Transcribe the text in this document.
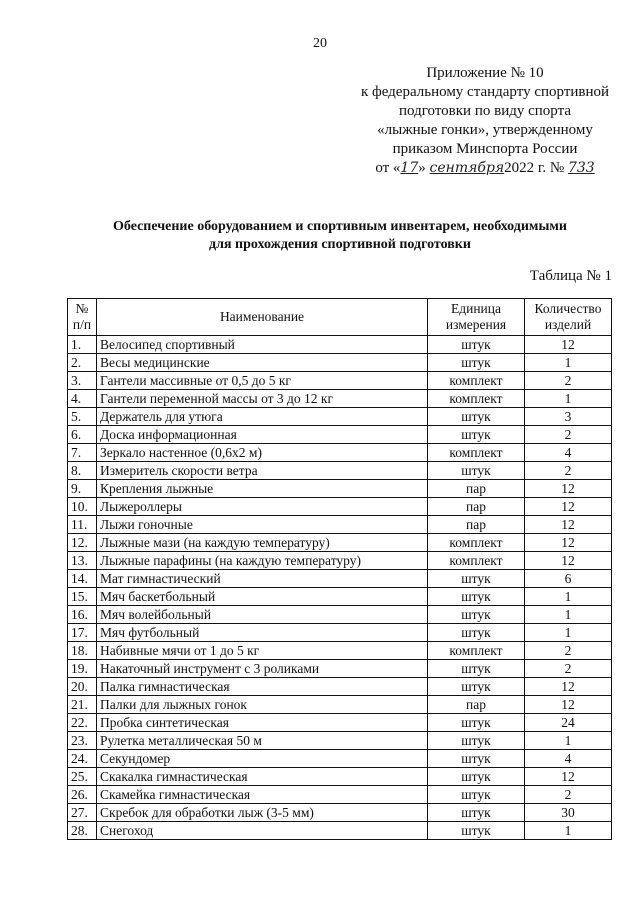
20
Приложение № 10
к федеральному стандарту спортивной
подготовки по виду спорта
«лыжные гонки», утвержденному
приказом Минспорта России
от «17» сентября2022 г. № 733
Обеспечение оборудованием и спортивным инвентарем, необходимыми
для прохождения спортивной подготовки
Таблица № 1
№ п/п	Наименование	Единица измерения	Количество изделий
1.	Велосипед спортивный	штук	12
2.	Весы медицинские	штук	1
3.	Гантели массивные от 0,5 до 5 кг	комплект	2
4.	Гантели переменной массы от 3 до 12 кг	комплект	1
5.	Держатель для утюга	штук	3
6.	Доска информационная	штук	2
7.	Зеркало настенное (0,6х2 м)	комплект	4
8.	Измеритель скорости ветра	штук	2
9.	Крепления лыжные	пар	12
10.	Лыжероллеры	пар	12
11.	Лыжи гоночные	пар	12
12.	Лыжные мази (на каждую температуру)	комплект	12
13.	Лыжные парафины (на каждую температуру)	комплект	12
14.	Мат гимнастический	штук	6
15.	Мяч баскетбольный	штук	1
16.	Мяч волейбольный	штук	1
17.	Мяч футбольный	штук	1
18.	Набивные мячи от 1 до 5 кг	комплект	2
19.	Накаточный инструмент с 3 роликами	штук	2
20.	Палка гимнастическая	штук	12
21.	Палки для лыжных гонок	пар	12
22.	Пробка синтетическая	штук	24
23.	Рулетка металлическая 50 м	штук	1
24.	Секундомер	штук	4
25.	Скакалка гимнастическая	штук	12
26.	Скамейка гимнастическая	штук	2
27.	Скребок для обработки лыж (3-5 мм)	штук	30
28.	Снегоход	штук	1
